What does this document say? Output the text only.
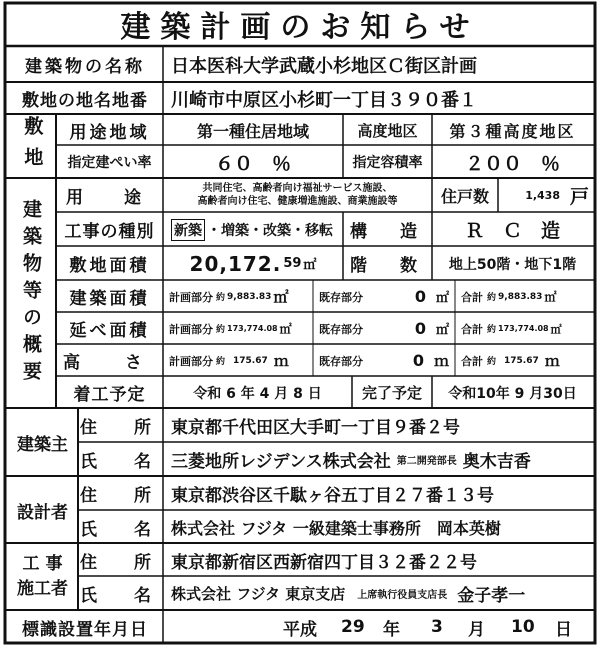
建築計画のお知らせ
建築物の名称	日本医科大学武蔵小杉地区Ｃ街区計画
敷地の地名地番	川崎市中原区小杉町一丁目３９０番１
敷地	用途地域	第一種住居地域	高度地区	第３種高度地区
指定建ぺい率	６０　％	指定容積率	２００　％
建築物等の概要
用　途	共同住宅、高齢者向け福祉サービス施設、
高齢者向け住宅、健康増進施設、商業施設等	住戸数	1,438 戸
工事の種別	新築 ・増築・改築・移転	構　造	Ｒ　Ｃ　造
敷地面積	20,172. 59 ㎡	階　数	地上50階・地下1階
建築面積	計画部分 約 9,883.83 ㎡	既存部分	0 ㎡ 合計 約 9,883.83 ㎡
延べ面積	計画部分 約 173,774.08 ㎡ 既存部分	0 ㎡ 合計 約 173,774.08 ㎡
高　さ	計画部分 約 175.67 ｍ	既存部分	0 ｍ 合計 約 175.67 ｍ
着工予定	令和 6 年 4 月 8 日	完了予定	令和10年 9 月30日
建築主
住　所 東京都千代田区大手町一丁目９番２号
氏　名 三菱地所レジデンス株式会社 第二開発部長 奥木吉香
設計者
住　所 東京都渋谷区千駄ヶ谷五丁目２７番１３号
氏　名 株式会社 フジタ 一級建築士事務所　岡本英樹
工 事 施工者
住　所 東京都新宿区西新宿四丁目３２番２２号
氏　名 株式会社 フジタ 東京支店 上席執行役員支店長 金子孝一
標識設置年月日	平成 29 年 3 月 10 日
